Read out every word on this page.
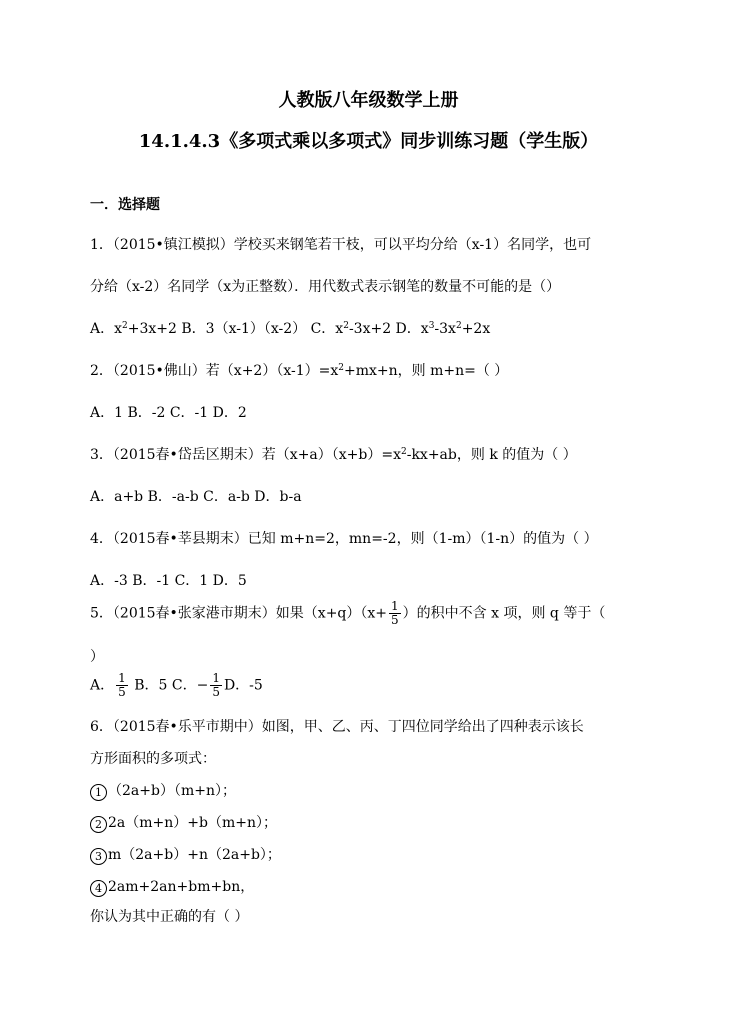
人教版八年级数学上册
14.1.4.3《多项式乘以多项式》同步训练习题（学生版）
一．选择题
1．（2015•镇江模拟）学校买来钢笔若干枝，可以平均分给（x-1）名同学，也可
分给（x-2）名同学（x为正整数）．用代数式表示钢笔的数量不可能的是（）
A．$x^2+3x+2$ B．3（x-1）（x-2） C．$x^2-3x+2$ D．$x^3-3x^2+2x$
2．（2015•佛山）若$(x+2)(x-1)=x^2+mx+n$，则 m+n=（ ）
A．1 B．-2 C．-1 D．2
3．（2015春•岱岳区期末）若$(x+a)(x+b)=x^2-kx+ab$，则 k 的值为（ ）
A．a+b B．-a-b C．a-b D．b-a
4．（2015春•莘县期末）已知 m+n=2，mn=-2，则（1-m）（1-n）的值为（ ）
A．-3 B．-1 C．1 D．5
5．（2015春•张家港市期末）如果$(x+q)(x+ \frac{1}{5}$ ）的积中不含 x 项，则 q 等于（
）
A． $\frac{1}{5}$ B．5 C．− $\frac{1}{5}$ D．-5
6．（2015春•乐平市期中）如图，甲、乙、丙、丁四位同学给出了四种表示该长
方形面积的多项式：
1 （2a+b）（m+n）；
2 2a（m+n）+b（m+n）；
3 m（2a+b）+n（2a+b）；
4 2am+2an+bm+bn，
你认为其中正确的有（ ）
